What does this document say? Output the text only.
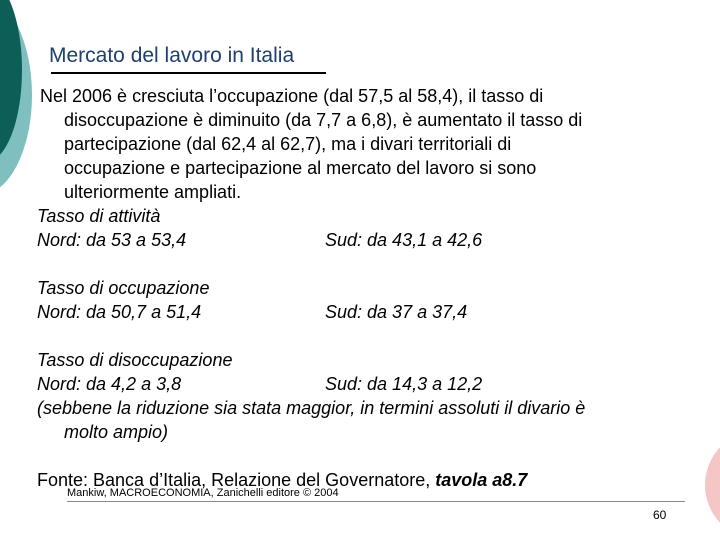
Mercato del lavoro in Italia
Nel 2006 è cresciuta l’occupazione (dal 57,5 al 58,4), il tasso di
disoccupazione è diminuito (da 7,7 a 6,8), è aumentato il tasso di
partecipazione (dal 62,4 al 62,7), ma i divari territoriali di
occupazione e partecipazione al mercato del lavoro si sono
ulteriormente ampliati.
Tasso di attività
Nord: da 53 a 53,4	Sud: da 43,1 a 42,6
Tasso di occupazione
Nord: da 50,7 a 51,4	Sud: da 37 a 37,4
Tasso di disoccupazione
Nord: da 4,2 a 3,8	Sud: da 14,3 a 12,2
(sebbene la riduzione sia stata maggior, in termini assoluti il divario è
molto ampio)
Fonte: Banca d’Italia, Relazione del Governatore, tavola a8.7
Mankiw, MACROECONOMIA, Zanichelli editore © 2004
60
